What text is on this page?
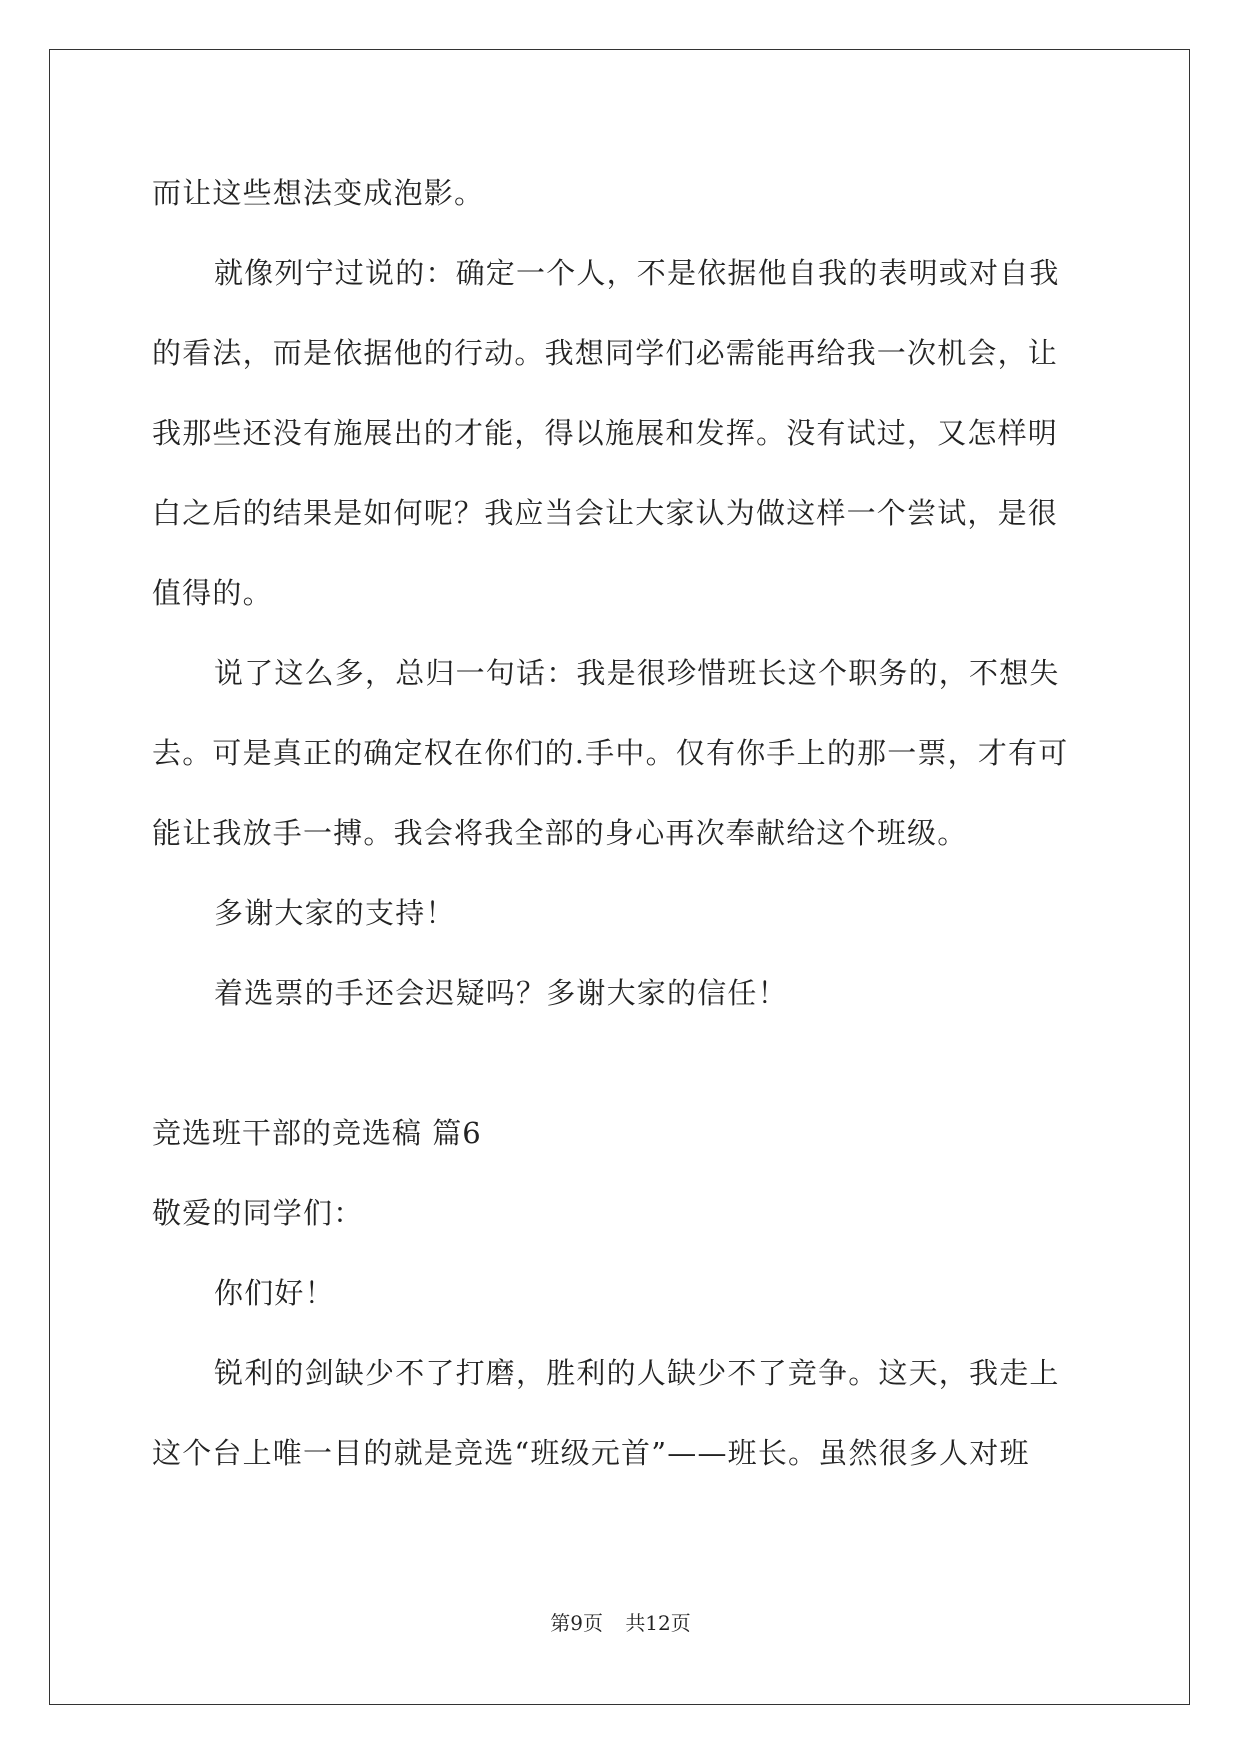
而让这些想法变成泡影。

就像列宁过说的：确定一个人，不是依据他自我的表明或对自我

的看法，而是依据他的行动。我想同学们必需能再给我一次机会，让

我那些还没有施展出的才能，得以施展和发挥。没有试过，又怎样明

白之后的结果是如何呢？我应当会让大家认为做这样一个尝试，是很

值得的。

说了这么多，总归一句话：我是很珍惜班长这个职务的，不想失

去。可是真正的确定权在你们的.手中。仅有你手上的那一票，才有可

能让我放手一搏。我会将我全部的身心再次奉献给这个班级。

多谢大家的支持！

着选票的手还会迟疑吗？多谢大家的信任！

竞选班干部的竞选稿 篇6

敬爱的同学们：

你们好！

锐利的剑缺少不了打磨，胜利的人缺少不了竞争。这天，我走上

这个台上唯一目的就是竞选“班级元首”——班长。虽然很多人对班

第9页 共12页
